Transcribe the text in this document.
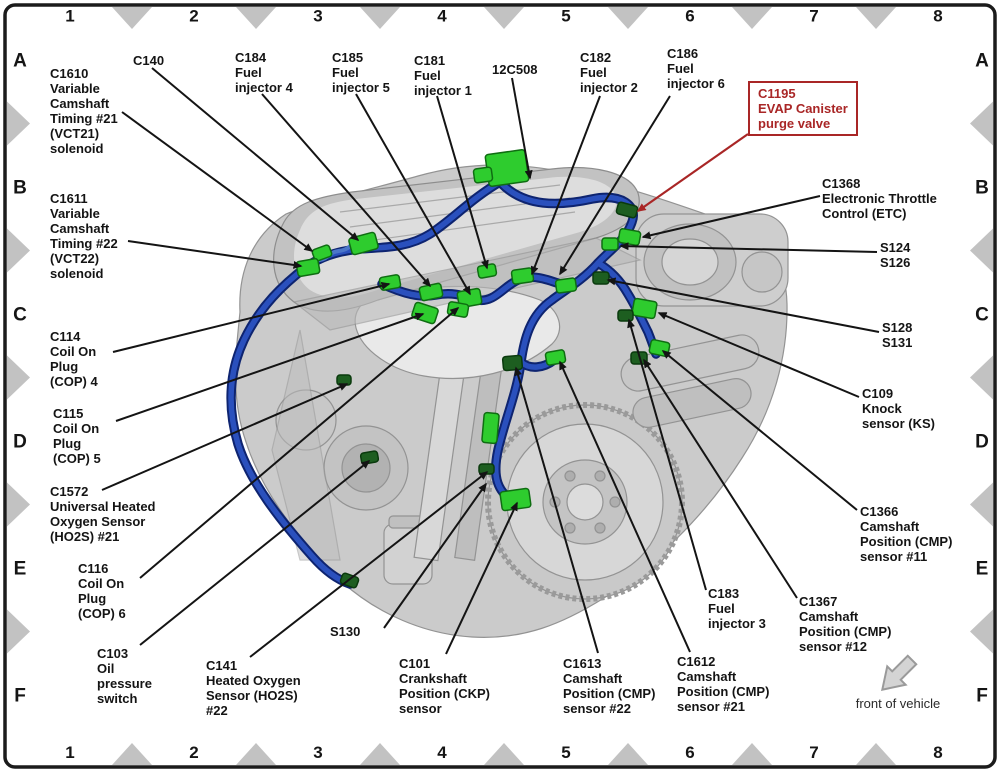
1
1
2
2
3
3
4
4
5
5
6
6
7
7
8
8
A	A
B	B
C	C
D	D
E	E
F	F
C1610
Variable
Camshaft
Timing #21
(VCT21)
solenoid
C140	C184
Fuel
injector 4
C185
Fuel
injector 5
C181
Fuel
injector 1
12C508
C182
Fuel
injector 2
C186
Fuel
injector 6
C1195
EVAP Canister
purge valve
C1611
Variable
Camshaft
Timing #22
(VCT22)
solenoid
C1368
Electronic Throttle
Control (ETC)
S124
S126
S128
S131
C109
Knock
sensor (KS)
C114
Coil On
Plug
(COP) 4
C115
Coil On
Plug
(COP) 5
C1572
Universal Heated
Oxygen Sensor
(HO2S) #21
C116
Coil On
Plug
(COP) 6
C103
Oil
pressure
switch
C141
Heated Oxygen
Sensor (HO2S)
#22
S130
C101
Crankshaft
Position (CKP)
sensor
C1613
Camshaft
Position (CMP)
sensor #22
C1612
Camshaft
Position (CMP)
sensor #21
C183
Fuel
injector 3
C1367
Camshaft
Position (CMP)
sensor #12
C1366
Camshaft
Position (CMP)
sensor #11
front of vehicle
